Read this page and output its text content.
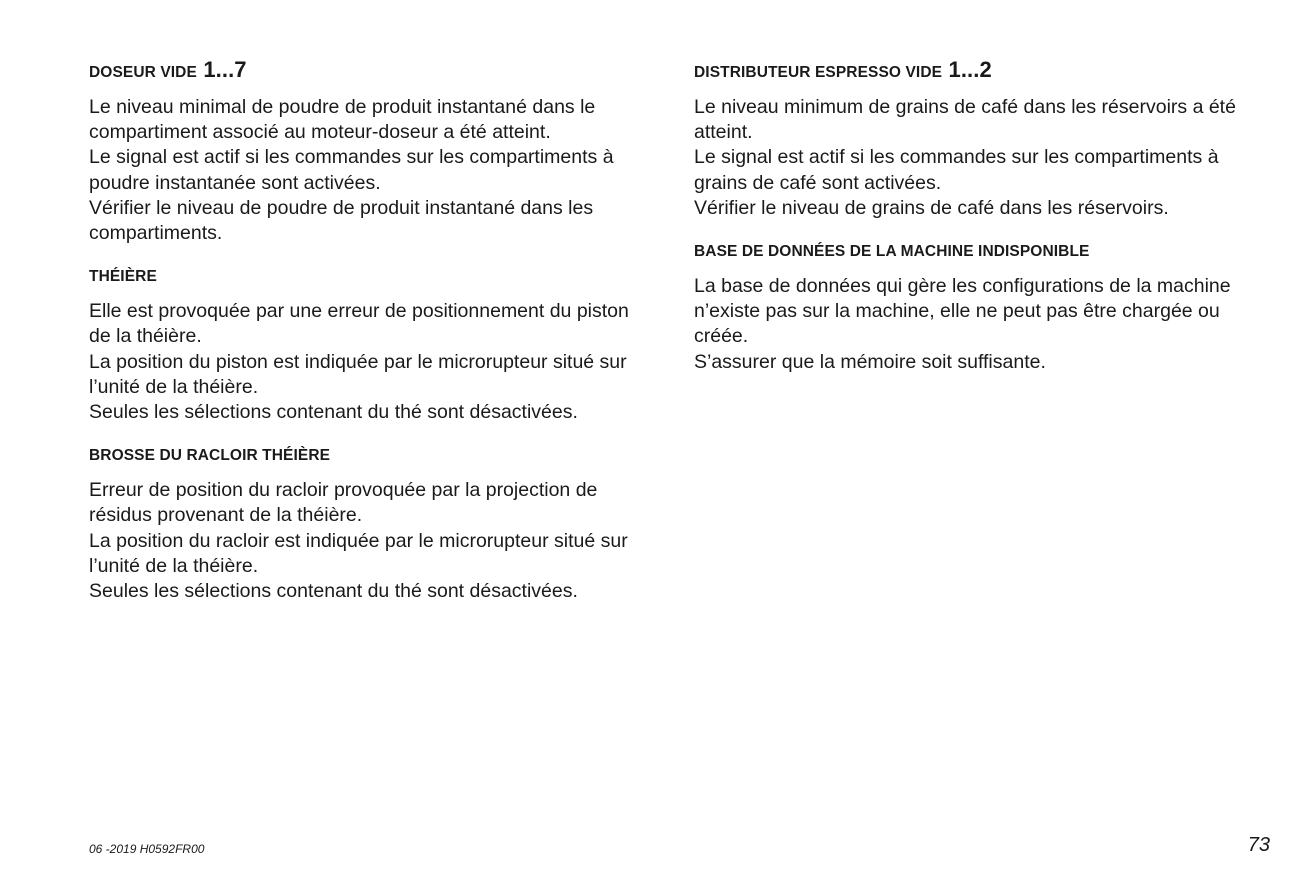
DOSEUR VIDE 1...7

Le niveau minimal de poudre de produit instantané dans le
compartiment associé au moteur-doseur a été atteint.
Le signal est actif si les commandes sur les compartiments à
poudre instantanée sont activées.
Vérifier le niveau de poudre de produit instantané dans les
compartiments.

THÉIÈRE

Elle est provoquée par une erreur de positionnement du piston
de la théière.
La position du piston est indiquée par le microrupteur situé sur
l’unité de la théière.
Seules les sélections contenant du thé sont désactivées.

BROSSE DU RACLOIR THÉIÈRE

Erreur de position du racloir provoquée par la projection de
résidus provenant de la théière.
La position du racloir est indiquée par le microrupteur situé sur
l’unité de la théière.
Seules les sélections contenant du thé sont désactivées.

DISTRIBUTEUR ESPRESSO VIDE 1...2

Le niveau minimum de grains de café dans les réservoirs a été
atteint.
Le signal est actif si les commandes sur les compartiments à
grains de café sont activées.
Vérifier le niveau de grains de café dans les réservoirs.

BASE DE DONNÉES DE LA MACHINE INDISPONIBLE

La base de données qui gère les configurations de la machine
n’existe pas sur la machine, elle ne peut pas être chargée ou
créée.
S’assurer que la mémoire soit suffisante.

06 -2019 H0592FR00	73
